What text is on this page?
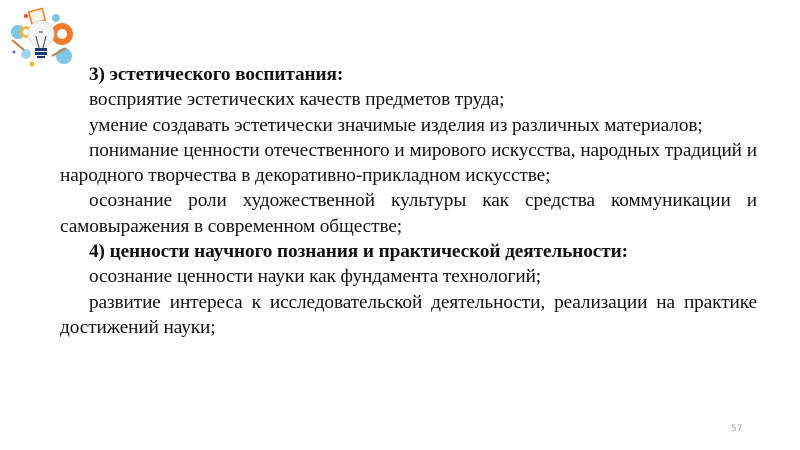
3) эстетического воспитания:

восприятие эстетических качеств предметов труда;

умение создавать эстетически значимые изделия из различных материалов;

понимание ценности отечественного и мирового искусства, народных традиций и народного творчества в декоративно-прикладном искусстве;

осознание роли художественной культуры как средства коммуникации и самовыражения в современном обществе;

4) ценности научного познания и практической деятельности:

осознание ценности науки как фундамента технологий;

развитие интереса к исследовательской деятельности, реализации на практике достижений науки;

57
